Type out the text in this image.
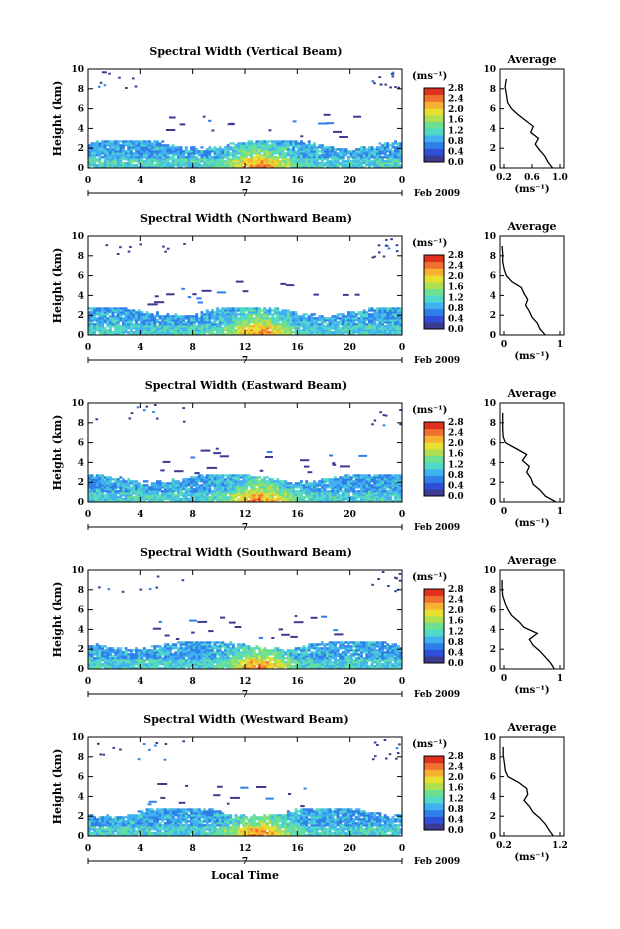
Spectral Width (Vertical Beam)
0
2
4
6
8
10
Height (km)
0	4	8	12	16	20	0
7	Feb 2009
2.8
2.4
2.0
1.6
1.2
0.8
0.4
0.0
(ms⁻¹)
Average
0
2
4
6
8
10
0.2 0.6 1.0
(ms⁻¹)
Spectral Width (Northward Beam)
0
2
4
6
8
10
Height (km)
0	4	8	12	16	20	0
7	Feb 2009
2.8
2.4
2.0
1.6
1.2
0.8
0.4
0.0
(ms⁻¹)
Average
0
2
4
6
8
10
0	1
(ms⁻¹)
Spectral Width (Eastward Beam)
0
2
4
6
8
10
Height (km)
0	4	8	12	16	20	0
7	Feb 2009
2.8
2.4
2.0
1.6
1.2
0.8
0.4
0.0
(ms⁻¹)
Average
0
2
4
6
8
10
0	1
(ms⁻¹)
Spectral Width (Southward Beam)
0
2
4
6
8
10
Height (km)
0	4	8	12	16	20	0
7	Feb 2009
2.8
2.4
2.0
1.6
1.2
0.8
0.4
0.0
(ms⁻¹)
Average
0
2
4
6
8
10
0	1
(ms⁻¹)
Spectral Width (Westward Beam)
0
2
4
6
8
10
Height (km)
0	4	8	12	16	20	0
7	Feb 2009
2.8
2.4
2.0
1.6
1.2
0.8
0.4
0.0
(ms⁻¹)
Average
0
2
4
6
8
10
0.2	1.2
(ms⁻¹)
Local Time
